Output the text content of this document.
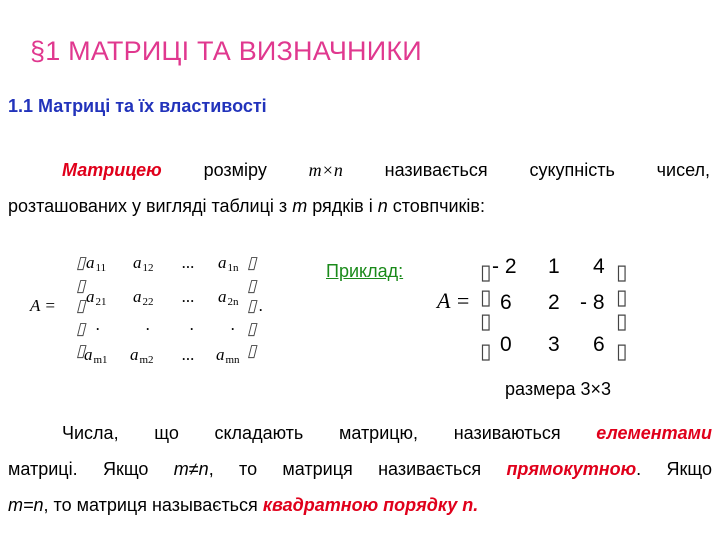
§1 МАТРИЦІ ТА ВИЗНАЧНИКИ
1.1 Матриці та їх властивості
Матрицею розміру m×n називається сукупність чисел,
розташованих у вигляді таблиці з m рядків і n стовпчиків:
A =
▯
▯
▯
▯
▯
▯
▯
▯
▯
▯
.
$a_{11}$ $a_{12}$ ... $a_{1n}$
$a_{21}$ $a_{22}$ ... $a_{2n}$
.	. . .
$a_{m1}$ $a_{m2}$ ... $a_{mn}$
Приклад:
A =
▯
▯
▯
▯
▯
▯
▯
▯
- 2 1 4
6 2 - 8
0 3 6
размера 3×3
Числа, що складають матрицю, називаються елементами
матриці. Якщо m≠n, то матриця називається прямокутною. Якщо
m=n, то матриця называється квадратною порядку n.
